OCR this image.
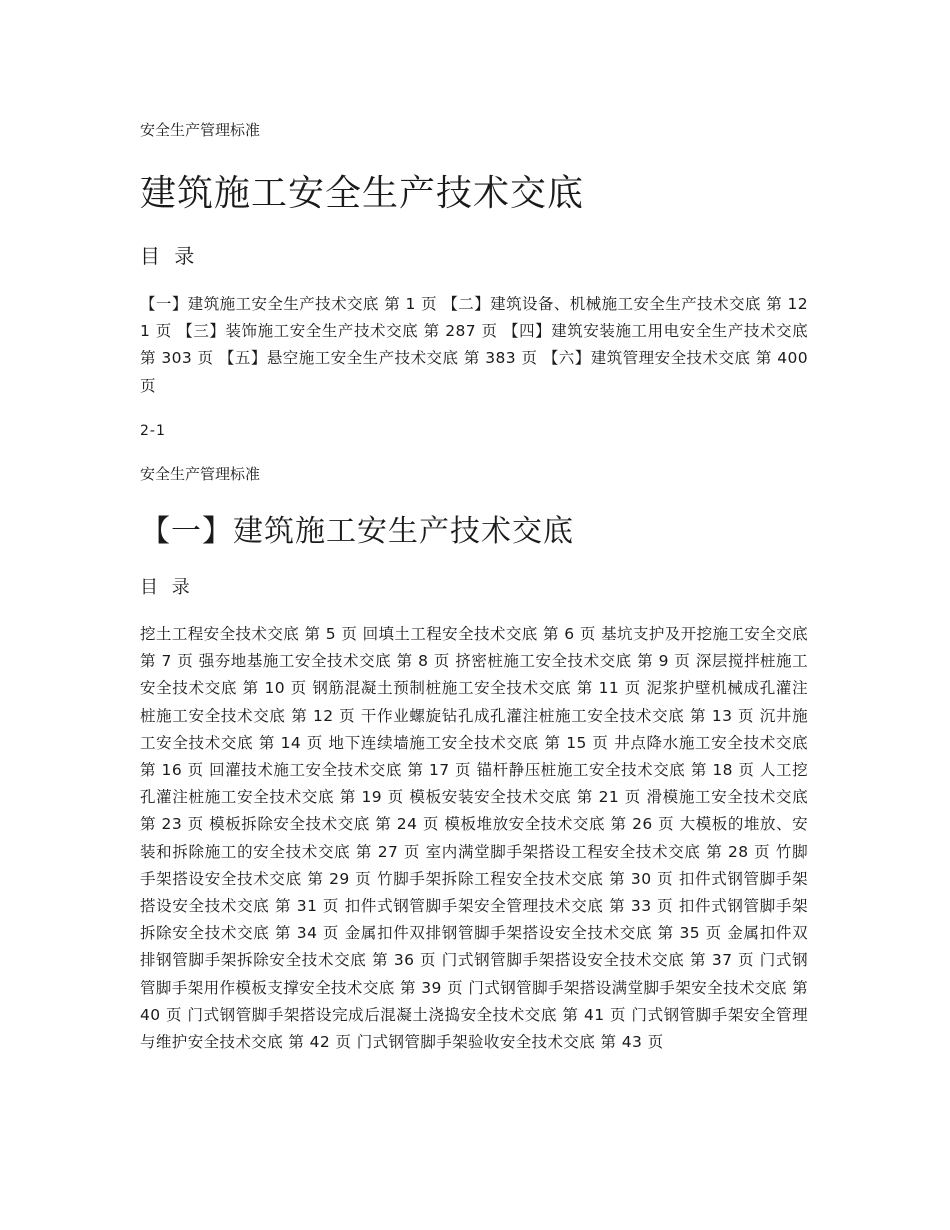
安全生产管理标准

建筑施工安全生产技术交底

目 录

【一】建筑施工安全生产技术交底 第 1 页 【二】建筑设备、机械施工安全生产技术交底 第 121 页 【三】装饰施工安全生产技术交底 第 287 页 【四】建筑安装施工用电安全生产技术交底 第 303 页 【五】悬空施工安全生产技术交底 第 383 页 【六】建筑管理安全技术交底 第 400 页

2-1

安全生产管理标准

【一】建筑施工安生产技术交底

目 录

挖土工程安全技术交底 第 5 页 回填土工程安全技术交底 第 6 页 基坑支护及开挖施工安全交底 第 7 页 强夯地基施工安全技术交底 第 8 页 挤密桩施工安全技术交底 第 9 页 深层搅拌桩施工安全技术交底 第 10 页 钢筋混凝土预制桩施工安全技术交底 第 11 页 泥浆护壁机械成孔灌注桩施工安全技术交底 第 12 页 干作业螺旋钻孔成孔灌注桩施工安全技术交底 第 13 页 沉井施工安全技术交底 第 14 页 地下连续墙施工安全技术交底 第 15 页 井点降水施工安全技术交底 第 16 页 回灌技术施工安全技术交底 第 17 页 锚杆静压桩施工安全技术交底 第 18 页 人工挖孔灌注桩施工安全技术交底 第 19 页 模板安装安全技术交底 第 21 页 滑模施工安全技术交底 第 23 页 模板拆除安全技术交底 第 24 页 模板堆放安全技术交底 第 26 页 大模板的堆放、安装和拆除施工的安全技术交底 第 27 页 室内满堂脚手架搭设工程安全技术交底 第 28 页 竹脚手架搭设安全技术交底 第 29 页 竹脚手架拆除工程安全技术交底 第 30 页 扣件式钢管脚手架搭设安全技术交底 第 31 页 扣件式钢管脚手架安全管理技术交底 第 33 页 扣件式钢管脚手架拆除安全技术交底 第 34 页 金属扣件双排钢管脚手架搭设安全技术交底 第 35 页 金属扣件双排钢管脚手架拆除安全技术交底 第 36 页 门式钢管脚手架搭设安全技术交底 第 37 页 门式钢管脚手架用作模板支撑安全技术交底 第 39 页 门式钢管脚手架搭设满堂脚手架安全技术交底 第 40 页 门式钢管脚手架搭设完成后混凝土浇捣安全技术交底 第 41 页 门式钢管脚手架安全管理与维护安全技术交底 第 42 页 门式钢管脚手架验收安全技术交底 第 43 页
